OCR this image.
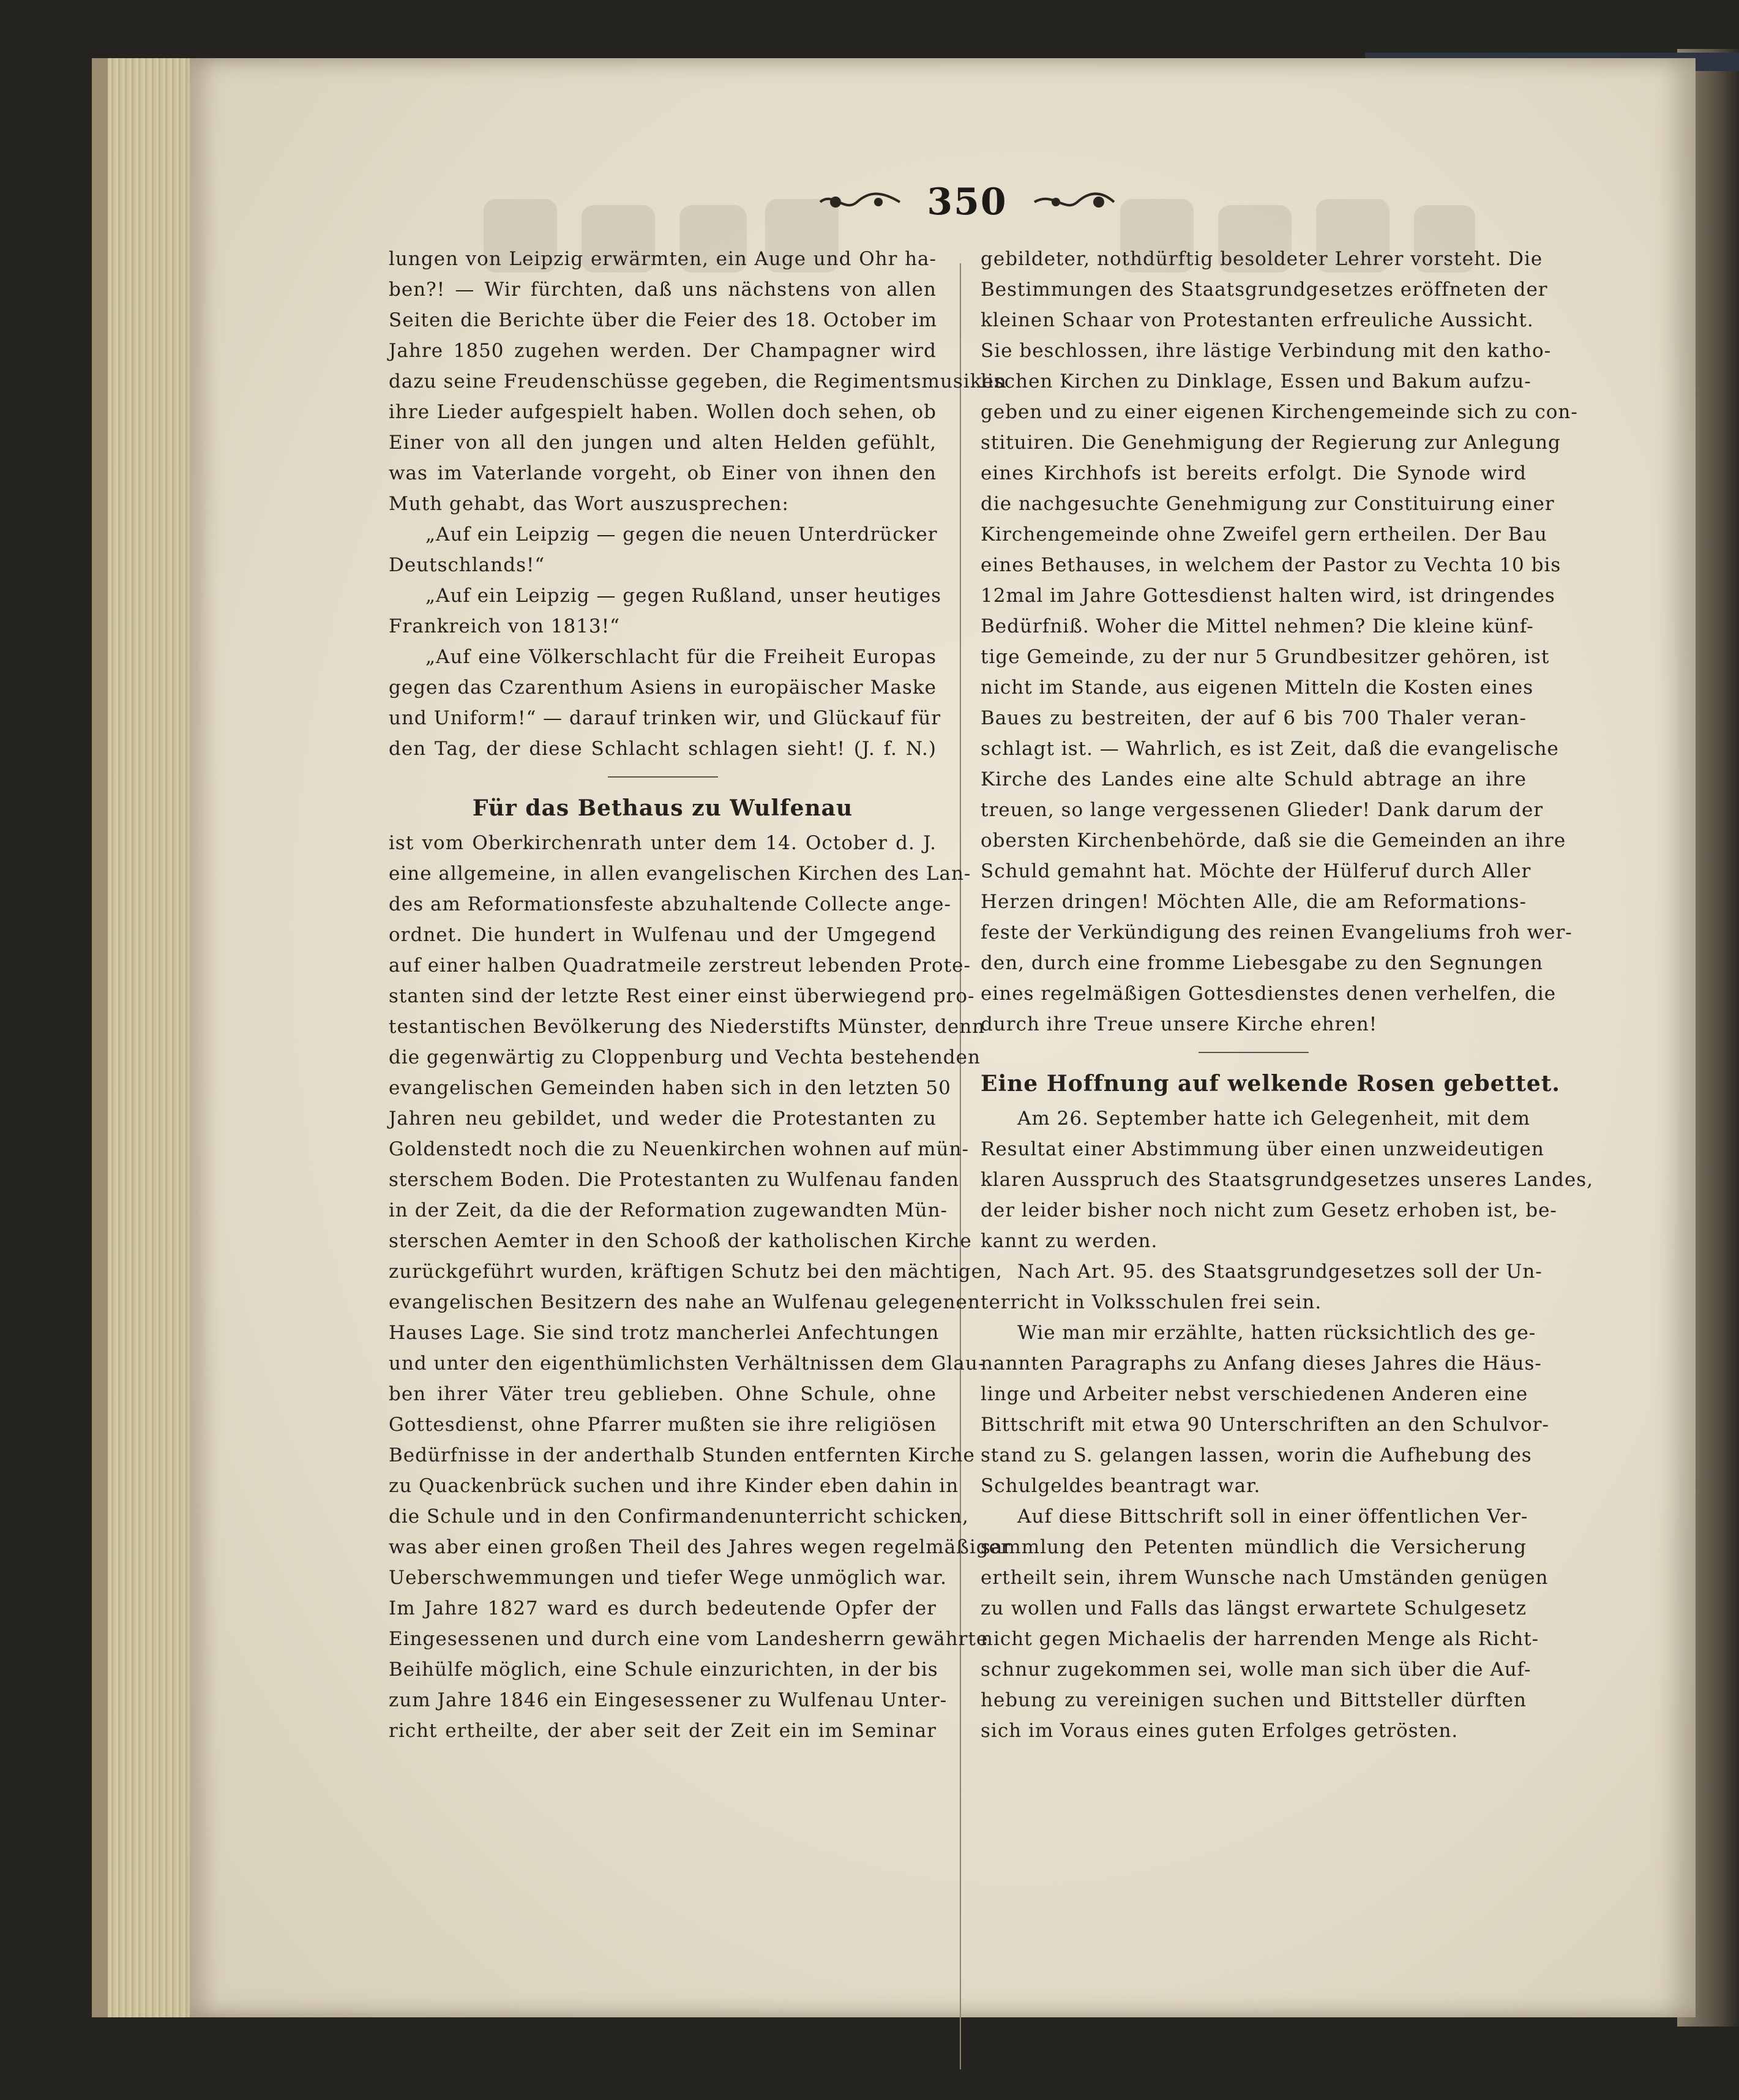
350
lungen von Leipzig erwärmten, ein Auge und Ohr ha-
ben?! — Wir fürchten, daß uns nächstens von allen
Seiten die Berichte über die Feier des 18. October im
Jahre 1850 zugehen werden. Der Champagner wird
dazu seine Freudenschüsse gegeben, die Regimentsmusiken
ihre Lieder aufgespielt haben. Wollen doch sehen, ob
Einer von all den jungen und alten Helden gefühlt,
was im Vaterlande vorgeht, ob Einer von ihnen den
Muth gehabt, das Wort auszusprechen:
„Auf ein Leipzig — gegen die neuen Unterdrücker
Deutschlands!“
„Auf ein Leipzig — gegen Rußland, unser heutiges
Frankreich von 1813!“
„Auf eine Völkerschlacht für die Freiheit Europas
gegen das Czarenthum Asiens in europäischer Maske
und Uniform!“ — darauf trinken wir, und Glückauf für
den Tag, der diese Schlacht schlagen sieht! (J. f. N.)
Für das Bethaus zu Wulfenau
ist vom Oberkirchenrath unter dem 14. October d. J.
eine allgemeine, in allen evangelischen Kirchen des Lan-
des am Reformationsfeste abzuhaltende Collecte ange-
ordnet. Die hundert in Wulfenau und der Umgegend
auf einer halben Quadratmeile zerstreut lebenden Prote-
stanten sind der letzte Rest einer einst überwiegend pro-
testantischen Bevölkerung des Niederstifts Münster, denn
die gegenwärtig zu Cloppenburg und Vechta bestehenden
evangelischen Gemeinden haben sich in den letzten 50
Jahren neu gebildet, und weder die Protestanten zu
Goldenstedt noch die zu Neuenkirchen wohnen auf mün-
sterschem Boden. Die Protestanten zu Wulfenau fanden
in der Zeit, da die der Reformation zugewandten Mün-
sterschen Aemter in den Schooß der katholischen Kirche
zurückgeführt wurden, kräftigen Schutz bei den mächtigen,
evangelischen Besitzern des nahe an Wulfenau gelegenen
Hauses Lage. Sie sind trotz mancherlei Anfechtungen
und unter den eigenthümlichsten Verhältnissen dem Glau-
ben ihrer Väter treu geblieben. Ohne Schule, ohne
Gottesdienst, ohne Pfarrer mußten sie ihre religiösen
Bedürfnisse in der anderthalb Stunden entfernten Kirche
zu Quackenbrück suchen und ihre Kinder eben dahin in
die Schule und in den Confirmandenunterricht schicken,
was aber einen großen Theil des Jahres wegen regelmäßiger
Ueberschwemmungen und tiefer Wege unmöglich war.
Im Jahre 1827 ward es durch bedeutende Opfer der
Eingesessenen und durch eine vom Landesherrn gewährte
Beihülfe möglich, eine Schule einzurichten, in der bis
zum Jahre 1846 ein Eingesessener zu Wulfenau Unter-
richt ertheilte, der aber seit der Zeit ein im Seminar
gebildeter, nothdürftig besoldeter Lehrer vorsteht. Die
Bestimmungen des Staatsgrundgesetzes eröffneten der
kleinen Schaar von Protestanten erfreuliche Aussicht.
Sie beschlossen, ihre lästige Verbindung mit den katho-
lischen Kirchen zu Dinklage, Essen und Bakum aufzu-
geben und zu einer eigenen Kirchengemeinde sich zu con-
stituiren. Die Genehmigung der Regierung zur Anlegung
eines Kirchhofs ist bereits erfolgt. Die Synode wird
die nachgesuchte Genehmigung zur Constituirung einer
Kirchengemeinde ohne Zweifel gern ertheilen. Der Bau
eines Bethauses, in welchem der Pastor zu Vechta 10 bis
12mal im Jahre Gottesdienst halten wird, ist dringendes
Bedürfniß. Woher die Mittel nehmen? Die kleine künf-
tige Gemeinde, zu der nur 5 Grundbesitzer gehören, ist
nicht im Stande, aus eigenen Mitteln die Kosten eines
Baues zu bestreiten, der auf 6 bis 700 Thaler veran-
schlagt ist. — Wahrlich, es ist Zeit, daß die evangelische
Kirche des Landes eine alte Schuld abtrage an ihre
treuen, so lange vergessenen Glieder! Dank darum der
obersten Kirchenbehörde, daß sie die Gemeinden an ihre
Schuld gemahnt hat. Möchte der Hülferuf durch Aller
Herzen dringen! Möchten Alle, die am Reformations-
feste der Verkündigung des reinen Evangeliums froh wer-
den, durch eine fromme Liebesgabe zu den Segnungen
eines regelmäßigen Gottesdienstes denen verhelfen, die
durch ihre Treue unsere Kirche ehren!
Eine Hoffnung auf welkende Rosen gebettet.
Am 26. September hatte ich Gelegenheit, mit dem
Resultat einer Abstimmung über einen unzweideutigen
klaren Ausspruch des Staatsgrundgesetzes unseres Landes,
der leider bisher noch nicht zum Gesetz erhoben ist, be-
kannt zu werden.
Nach Art. 95. des Staatsgrundgesetzes soll der Un-
terricht in Volksschulen frei sein.
Wie man mir erzählte, hatten rücksichtlich des ge-
nannten Paragraphs zu Anfang dieses Jahres die Häus-
linge und Arbeiter nebst verschiedenen Anderen eine
Bittschrift mit etwa 90 Unterschriften an den Schulvor-
stand zu S. gelangen lassen, worin die Aufhebung des
Schulgeldes beantragt war.
Auf diese Bittschrift soll in einer öffentlichen Ver-
sammlung den Petenten mündlich die Versicherung
ertheilt sein, ihrem Wunsche nach Umständen genügen
zu wollen und Falls das längst erwartete Schulgesetz
nicht gegen Michaelis der harrenden Menge als Richt-
schnur zugekommen sei, wolle man sich über die Auf-
hebung zu vereinigen suchen und Bittsteller dürften
sich im Voraus eines guten Erfolges getrösten.
